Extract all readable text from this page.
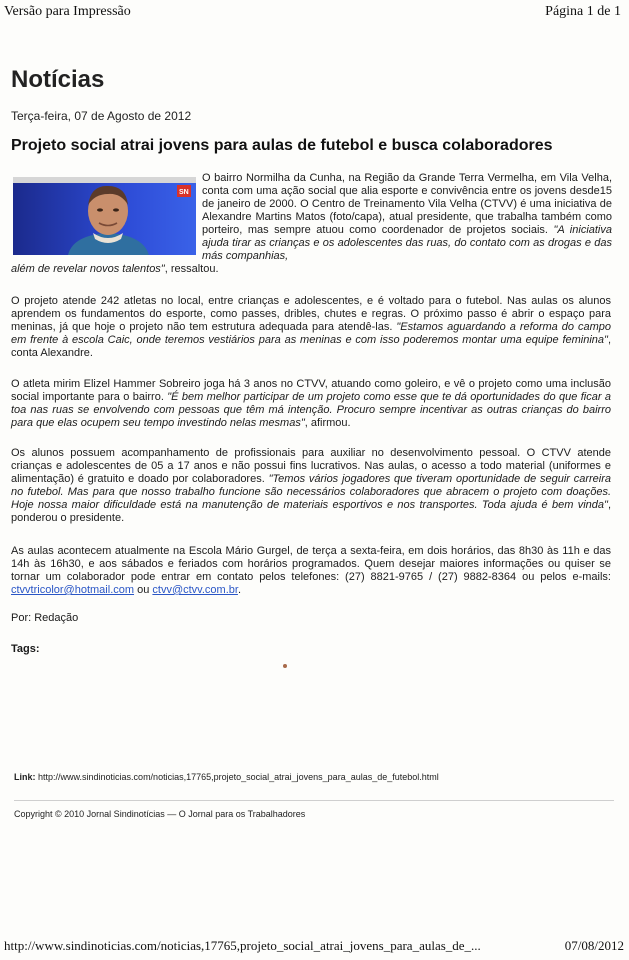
Versão para Impressão	Página 1 de 1
Notícias
Terça-feira, 07 de Agosto de 2012
Projeto social atrai jovens para aulas de futebol e busca colaboradores
SN
O bairro Normilha da Cunha, na Região da Grande Terra Vermelha, em Vila Velha, conta com uma ação social que alia esporte e convivência entre os jovens desde15 de janeiro de 2000. O Centro de Treinamento Vila Velha (CTVV) é uma iniciativa de Alexandre Martins Matos (foto/capa), atual presidente, que trabalha também como porteiro, mas sempre atuou como coordenador de projetos sociais. "A iniciativa ajuda tirar as crianças e os adolescentes das ruas, do contato com as drogas e das más companhias,
além de revelar novos talentos", ressaltou.
O projeto atende 242 atletas no local, entre crianças e adolescentes, e é voltado para o futebol. Nas aulas os alunos aprendem os fundamentos do esporte, como passes, dribles, chutes e regras. O próximo passo é abrir o espaço para meninas, já que hoje o projeto não tem estrutura adequada para atendê-las. "Estamos aguardando a reforma do campo em frente à escola Caic, onde teremos vestiários para as meninas e com isso poderemos montar uma equipe feminina", conta Alexandre.
O atleta mirim Elizel Hammer Sobreiro joga há 3 anos no CTVV, atuando como goleiro, e vê o projeto como uma inclusão social importante para o bairro. "É bem melhor participar de um projeto como esse que te dá oportunidades do que ficar a toa nas ruas se envolvendo com pessoas que têm má intenção. Procuro sempre incentivar as outras crianças do bairro para que elas ocupem seu tempo investindo nelas mesmas", afirmou.
Os alunos possuem acompanhamento de profissionais para auxiliar no desenvolvimento pessoal. O CTVV atende crianças e adolescentes de 05 a 17 anos e não possui fins lucrativos. Nas aulas, o acesso a todo material (uniformes e alimentação) é gratuito e doado por colaboradores. "Temos vários jogadores que tiveram oportunidade de seguir carreira no futebol. Mas para que nosso trabalho funcione são necessários colaboradores que abracem o projeto com doações. Hoje nossa maior dificuldade está na manutenção de materiais esportivos e nos transportes. Toda ajuda é bem vinda", ponderou o presidente.
As aulas acontecem atualmente na Escola Mário Gurgel, de terça a sexta-feira, em dois horários, das 8h30 às 11h e das 14h às 16h30, e aos sábados e feriados com horários programados. Quem desejar maiores informações ou quiser se tornar um colaborador pode entrar em contato pelos telefones: (27) 8821-9765 / (27) 9882-8364 ou pelos e-mails: ctvvtricolor@hotmail.com ou ctvv@ctvv.com.br.
Por: Redação
Tags:
Link: http://www.sindinoticias.com/noticias,17765,projeto_social_atrai_jovens_para_aulas_de_futebol.html
Copyright © 2010 Jornal Sindinotícias — O Jornal para os Trabalhadores
http://www.sindinoticias.com/noticias,17765,projeto_social_atrai_jovens_para_aulas_de_...	07/08/2012
